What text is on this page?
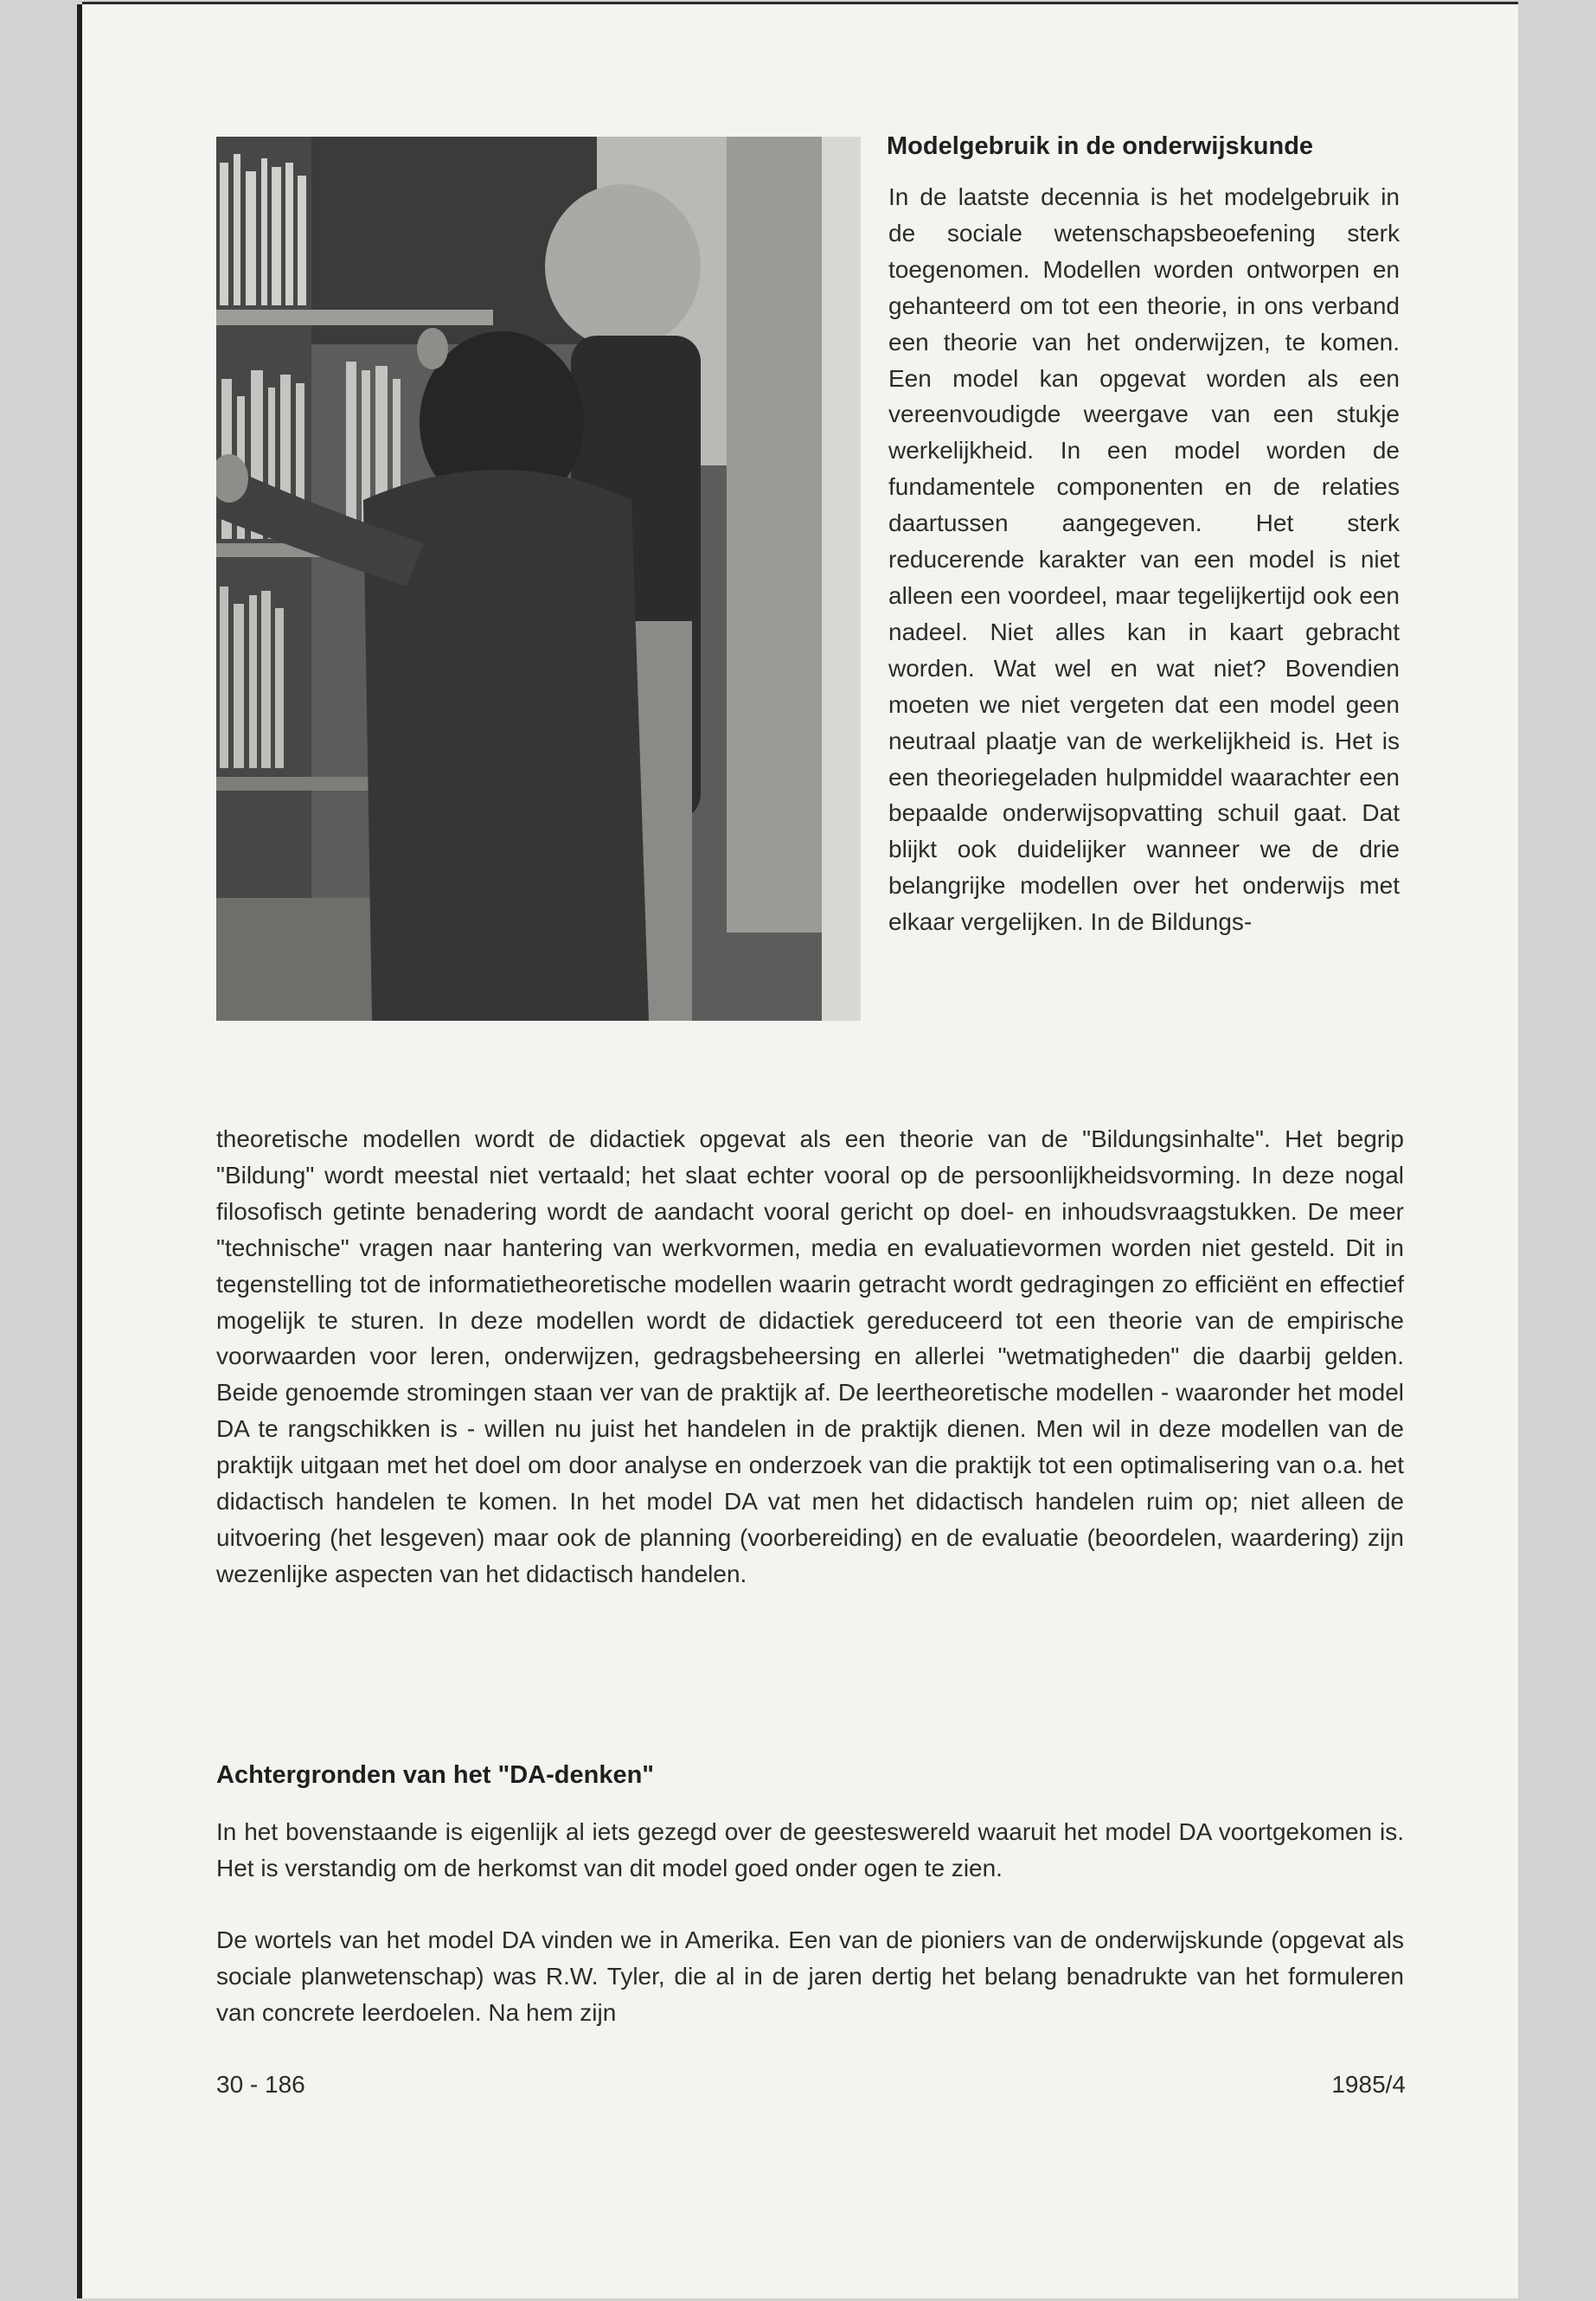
Modelgebruik in de onderwijskunde

In de laatste decennia is het modelgebruik in de sociale wetenschapsbeoefening sterk toegenomen. Modellen worden ontworpen en gehanteerd om tot een theorie, in ons verband een theorie van het onderwijzen, te komen. Een model kan opgevat worden als een vereenvoudigde weergave van een stukje werkelijkheid. In een model worden de fundamentele componenten en de relaties daartussen aangegeven. Het sterk reducerende karakter van een model is niet alleen een voordeel, maar tegelijkertijd ook een nadeel. Niet alles kan in kaart gebracht worden. Wat wel en wat niet? Bovendien moeten we niet vergeten dat een model geen neutraal plaatje van de werkelijkheid is. Het is een theoriegeladen hulpmiddel waarachter een bepaalde onderwijsopvatting schuil gaat. Dat blijkt ook duidelijker wanneer we de drie belangrijke modellen over het onderwijs met elkaar vergelijken. In de Bildungs-

theoretische modellen wordt de didactiek opgevat als een theorie van de "Bildungsinhalte". Het begrip "Bildung" wordt meestal niet vertaald; het slaat echter vooral op de persoonlijkheidsvorming. In deze nogal filosofisch getinte benadering wordt de aandacht vooral gericht op doel- en inhoudsvraagstukken. De meer "technische" vragen naar hantering van werkvormen, media en evaluatievormen worden niet gesteld. Dit in tegenstelling tot de informatietheoretische modellen waarin getracht wordt gedragingen zo efficiënt en effectief mogelijk te sturen. In deze modellen wordt de didactiek gereduceerd tot een theorie van de empirische voorwaarden voor leren, onderwijzen, gedragsbeheersing en allerlei "wetmatigheden" die daarbij gelden. Beide genoemde stromingen staan ver van de praktijk af. De leertheoretische modellen - waaronder het model DA te rangschikken is - willen nu juist het handelen in de praktijk dienen. Men wil in deze modellen van de praktijk uitgaan met het doel om door analyse en onderzoek van die praktijk tot een optimalisering van o.a. het didactisch handelen te komen. In het model DA vat men het didactisch handelen ruim op; niet alleen de uitvoering (het lesgeven) maar ook de planning (voorbereiding) en de evaluatie (beoordelen, waardering) zijn wezenlijke aspecten van het didactisch handelen.

Achtergronden van het "DA-denken"

In het bovenstaande is eigenlijk al iets gezegd over de geesteswereld waaruit het model DA voortgekomen is. Het is verstandig om de herkomst van dit model goed onder ogen te zien.

De wortels van het model DA vinden we in Amerika. Een van de pioniers van de onderwijskunde (opgevat als sociale planwetenschap) was R.W. Tyler, die al in de jaren dertig het belang benadrukte van het formuleren van concrete leerdoelen. Na hem zijn

30 - 186	1985/4
